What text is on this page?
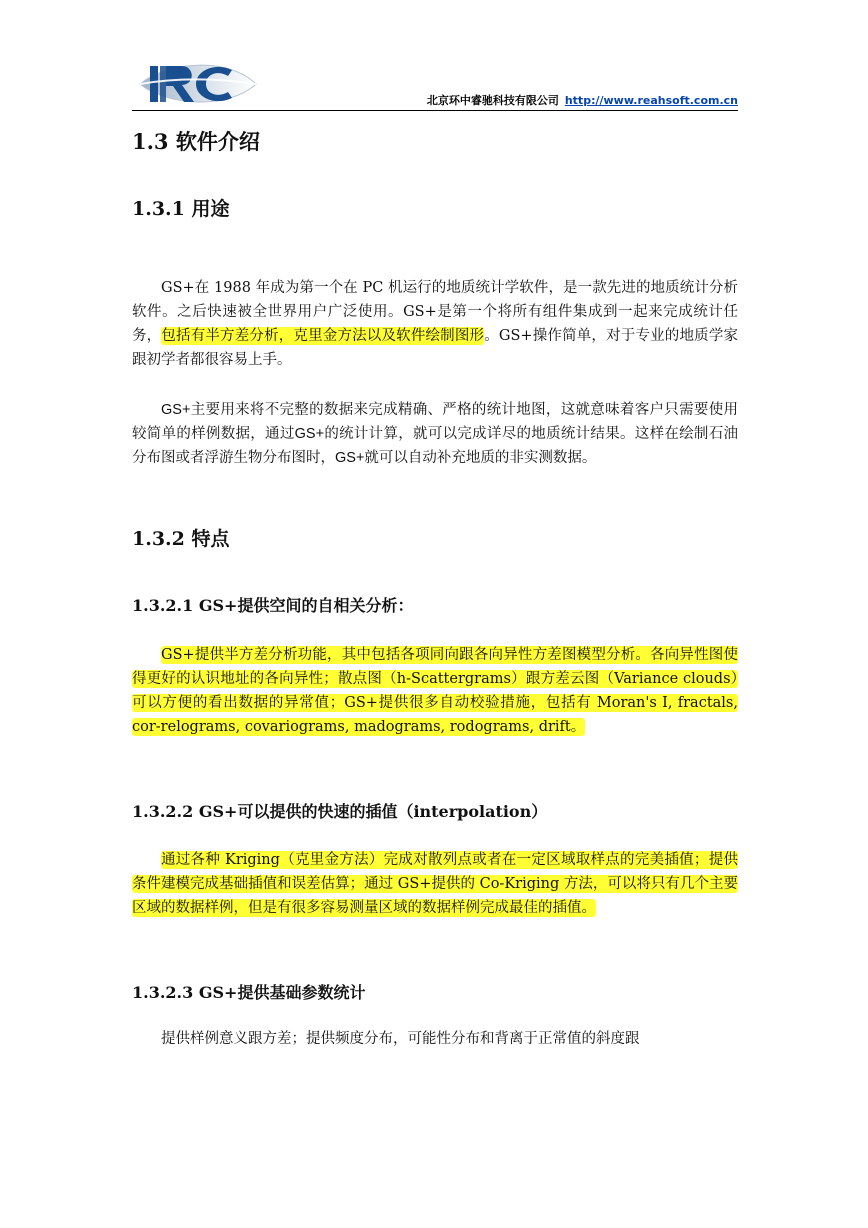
北京环中睿驰科技有限公司 http://www.reahsoft.com.cn
1.3 软件介绍
1.3.1 用途

GS+在 1988 年成为第一个在 PC 机运行的地质统计学软件，是一款先进的地质统计分析软件。之后快速被全世界用户广泛使用。GS+是第一个将所有组件集成到一起来完成统计任务，包括有半方差分析，克里金方法以及软件绘制图形。GS+操作简单，对于专业的地质学家跟初学者都很容易上手。

GS+主要用来将不完整的数据来完成精确、严格的统计地图，这就意味着客户只需要使用较简单的样例数据，通过GS+的统计计算，就可以完成详尽的地质统计结果。这样在绘制石油分布图或者浮游生物分布图时，GS+就可以自动补充地质的非实测数据。

1.3.2 特点
1.3.2.1 GS+提供空间的自相关分析：

GS+提供半方差分析功能，其中包括各项同向跟各向异性方差图模型分析。各向异性图使得更好的认识地址的各向异性；散点图（h-Scattergrams）跟方差云图（Variance clouds）可以方便的看出数据的异常值；GS+提供很多自动校验措施，包括有 Moran's I, fractals, cor-relograms, covariograms, madograms, rodograms, drift。

1.3.2.2 GS+可以提供的快速的插值（interpolation）

通过各种 Kriging（克里金方法）完成对散列点或者在一定区域取样点的完美插值；提供条件建模完成基础插值和误差估算；通过 GS+提供的 Co-Kriging 方法，可以将只有几个主要区域的数据样例，但是有很多容易测量区域的数据样例完成最佳的插值。

1.3.2.3 GS+提供基础参数统计

提供样例意义跟方差；提供频度分布，可能性分布和背离于正常值的斜度跟
